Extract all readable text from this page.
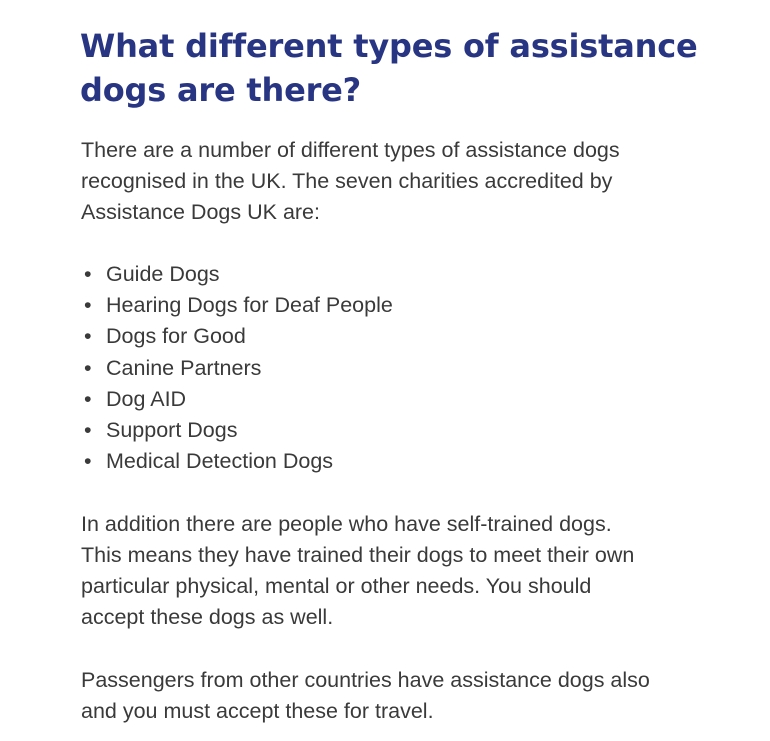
What different types of assistance
dogs are there?

There are a number of different types of assistance dogs
recognised in the UK. The seven charities accredited by
Assistance Dogs UK are:

• Guide Dogs
• Hearing Dogs for Deaf People
• Dogs for Good
• Canine Partners
• Dog AID
• Support Dogs
• Medical Detection Dogs

In addition there are people who have self-trained dogs.
This means they have trained their dogs to meet their own
particular physical, mental or other needs. You should
accept these dogs as well.

Passengers from other countries have assistance dogs also
and you must accept these for travel.
